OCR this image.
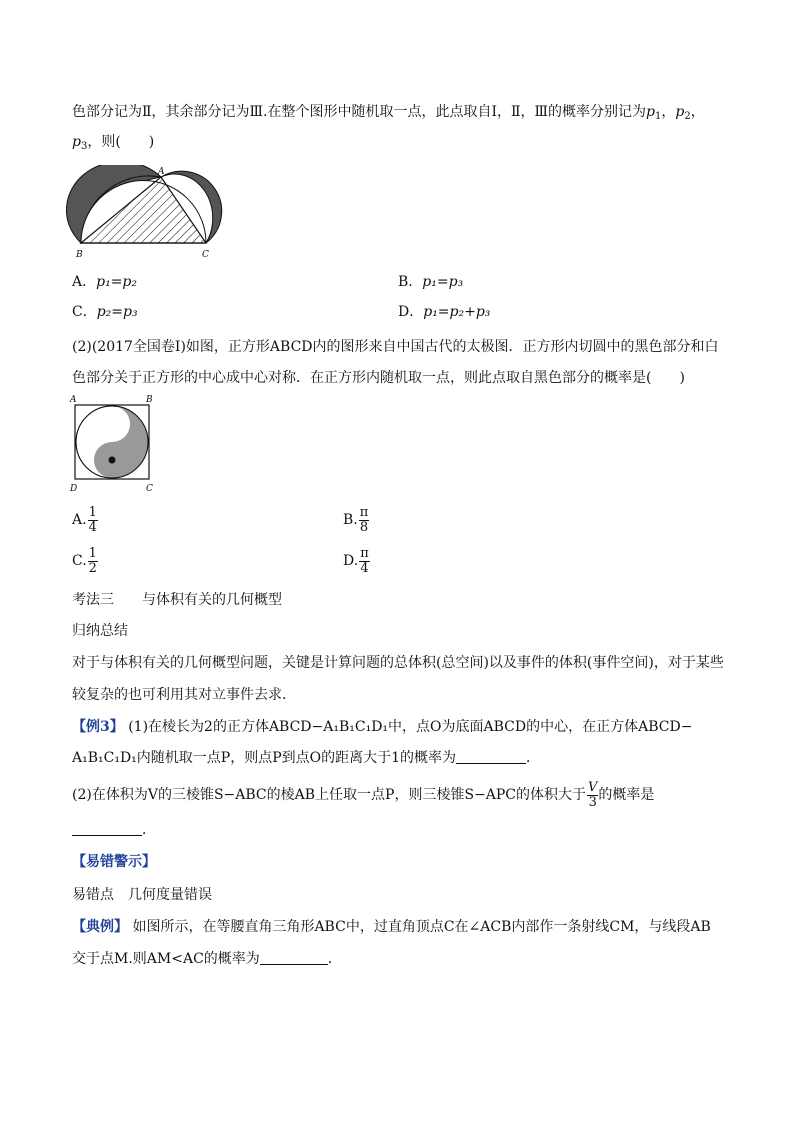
色部分记为Ⅱ，其余部分记为Ⅲ.在整个图形中随机取一点，此点取自Ⅰ，Ⅱ，Ⅲ的概率分别记为$p_1$，$p_2$，
$p_3$，则(　　)
A
B	C
A．p₁=p₂	B．p₁=p₃
C．p₂=p₃	D．p₁=p₂+p₃
(2)(2017全国卷Ⅰ)如图，正方形ABCD内的图形来自中国古代的太极图．正方形内切圆中的黑色部分和白
色部分关于正方形的中心成中心对称．在正方形内随机取一点，则此点取自黑色部分的概率是(　　)
A	B
D	C
A. $\frac{1}{4}$	B. $\frac{\pi}{8}$
C. $\frac{1}{2}$	D. $\frac{\pi}{4}$
考法三　　与体积有关的几何概型
归纳总结
对于与体积有关的几何概型问题，关键是计算问题的总体积(总空间)以及事件的体积(事件空间)，对于某些
较复杂的也可利用其对立事件去求．
【例3】 (1)在棱长为2的正方体ABCD−A₁B₁C₁D₁中，点O为底面ABCD的中心，在正方体ABCD−
A₁B₁C₁D₁内随机取一点P，则点P到点O的距离大于1的概率为	．
(2)在体积为V的三棱锥S−ABC的棱AB上任取一点P，则三棱锥S−APC的体积大于 $\frac{V}{3}$ 的概率是
．
【易错警示】
易错点　几何度量错误
【典例】 如图所示，在等腰直角三角形ABC中，过直角顶点C在∠ACB内部作一条射线CM，与线段AB
交于点M.则AM<AC的概率为	．
